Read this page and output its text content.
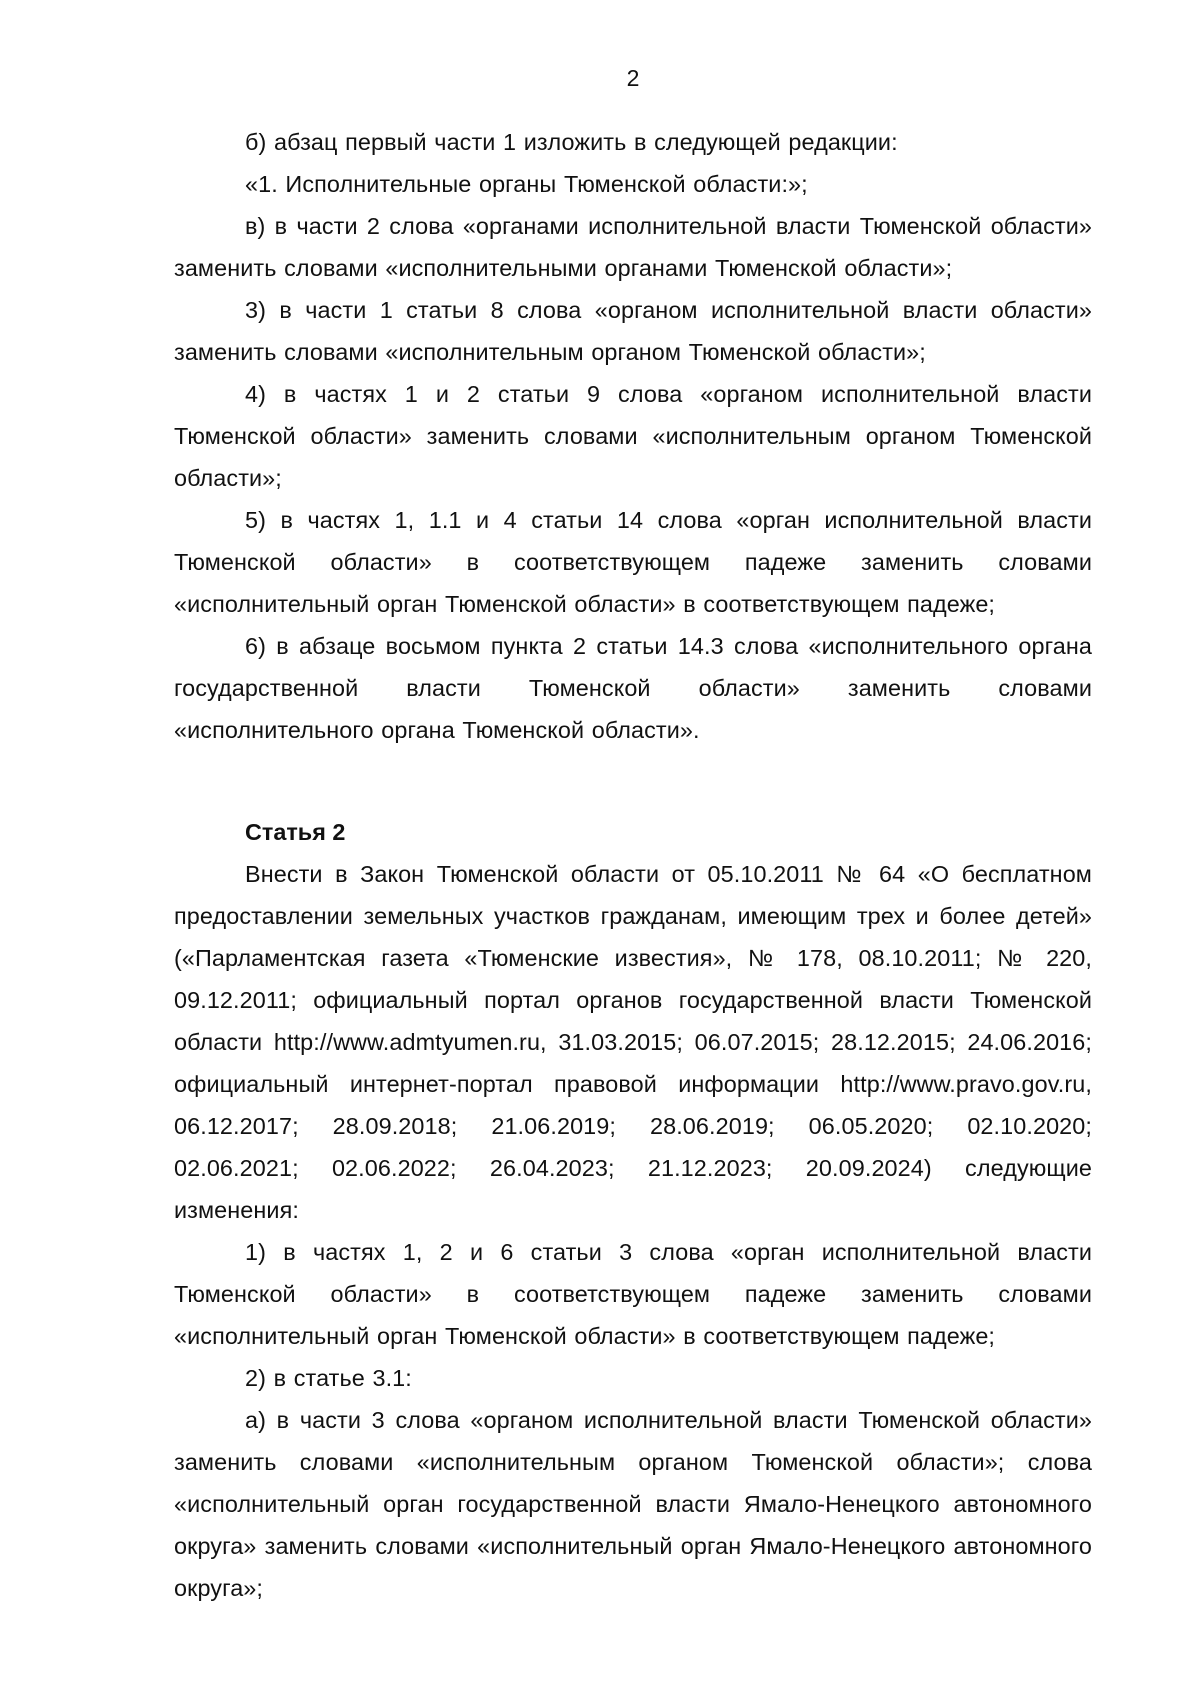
2

б) абзац первый части 1 изложить в следующей редакции:

«1. Исполнительные органы Тюменской области:»;

в) в части 2 слова «органами исполнительной власти Тюменской области» заменить словами «исполнительными органами Тюменской области»;

3) в части 1 статьи 8 слова «органом исполнительной власти области» заменить словами «исполнительным органом Тюменской области»;

4) в частях 1 и 2 статьи 9 слова «органом исполнительной власти Тюменской области» заменить словами «исполнительным органом Тюменской области»;

5) в частях 1, 1.1 и 4 статьи 14 слова «орган исполнительной власти Тюменской области» в соответствующем падеже заменить словами «исполнительный орган Тюменской области» в соответствующем падеже;

6) в абзаце восьмом пункта 2 статьи 14.3 слова «исполнительного органа государственной власти Тюменской области» заменить словами «исполнительного органа Тюменской области».

Статья 2

Внести в Закон Тюменской области от 05.10.2011 № 64 «О бесплатном предоставлении земельных участков гражданам, имеющим трех и более детей» («Парламентская газета «Тюменские известия», № 178, 08.10.2011; № 220, 09.12.2011; официальный портал органов государственной власти Тюменской области http://www.admtyumen.ru, 31.03.2015; 06.07.2015; 28.12.2015; 24.06.2016; официальный интернет-портал правовой информации http://www.pravo.gov.ru, 06.12.2017; 28.09.2018; 21.06.2019; 28.06.2019; 06.05.2020; 02.10.2020; 02.06.2021; 02.06.2022; 26.04.2023; 21.12.2023; 20.09.2024) следующие изменения:

1) в частях 1, 2 и 6 статьи 3 слова «орган исполнительной власти Тюменской области» в соответствующем падеже заменить словами «исполнительный орган Тюменской области» в соответствующем падеже;

2) в статье 3.1:

а) в части 3 слова «органом исполнительной власти Тюменской области» заменить словами «исполнительным органом Тюменской области»; слова «исполнительный орган государственной власти Ямало-Ненецкого автономного округа» заменить словами «исполнительный орган Ямало-Ненецкого автономного округа»;
